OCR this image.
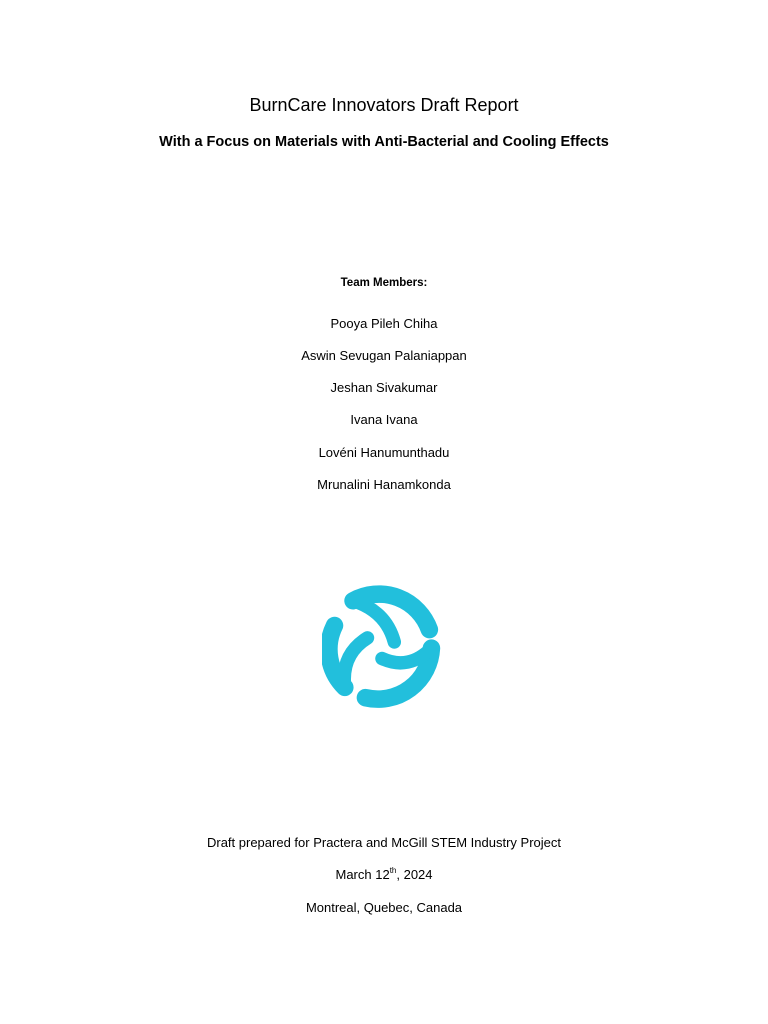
BurnCare Innovators Draft Report
With a Focus on Materials with Anti-Bacterial and Cooling Effects
Team Members:
Pooya Pileh Chiha
Aswin Sevugan Palaniappan
Jeshan Sivakumar
Ivana Ivana
Lovéni Hanumunthadu
Mrunalini Hanamkonda
Draft prepared for Practera and McGill STEM Industry Project
March 12th, 2024
Montreal, Quebec, Canada
